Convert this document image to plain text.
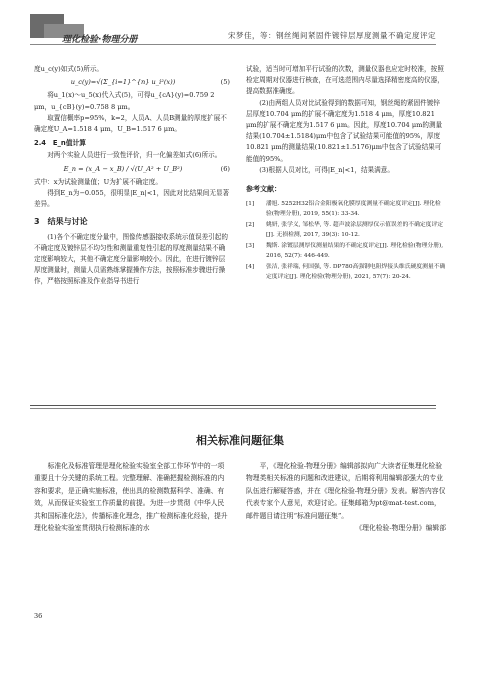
理化检验·物理分册	宋梦佳，等：钢丝绳间紧固件镀锌层厚度测量不确定度评定

度u_c(y)如式(5)所示。

u_c(y)=√(Σ_{i=1}^{n} u_i²(x))	(5)

将u_1(x)～u_5(x)代入式(5)，可得u_{cA}(y)=0.759 2 μm，u_{cB}(y)=0.758 8 μm。

取置信概率p=95%，k=2，人员A、人员B测量的厚度扩展不确定度U_A=1.518 4 μm，U_B=1.517 6 μm。

2.4　E_n值计算

对两个实验人员进行一致性评价，归一化偏差如式(6)所示。

E_n = (x_A − x_B) / √(U_A² + U_B²)	(6)

式中：x为试验测量值；U为扩展不确定度。

得到E_n为−0.055，很明显|E_n|<1，因此对比结果间无显著差异。

3　结果与讨论

(1)各个不确定度分量中，图像传感器接收系统示值误差引起的不确定度及镀锌层不均匀性和测量重复性引起的厚度测量结果不确定度影响较大，其他不确定度分量影响较小。因此，在进行镀锌层厚度测量时，测量人员需熟练掌握操作方法，按照标准步骤进行操作，严格按照标准及作业指导书进行

试验，适当时可增加平行试验的次数，测量仪器也应定时校准，按照检定周期对仪器进行核查，在可选范围内尽量选择精密度高的仪器，提高数据准确度。

(2)由两组人员对比试验得到的数据可知，钢丝绳的紧固件镀锌层厚度10.704 μm的扩展不确定度为1.518 4 μm，厚度10.821 μm的扩展不确定度为1.517 6 μm。因此，厚度10.704 μm的测量结果(10.704±1.5184)μm中包含了试验结果可能值的95%，厚度10.821 μm的测量结果(10.821±1.5176)μm中包含了试验结果可能值的95%。

(3)根据人员对比，可得|E_n|<1，结果满意。

参考文献：
[1]	潘旭. 5252H32铝合金阳极氧化膜厚度测量不确定度评定[J]. 理化检验(物理分册), 2019, 55(1): 33-34.
[2]	姚妍, 张学义, 邹松华, 等. 超声波涂层测厚仪示值误差的不确定度评定[J]. 无损检测, 2017, 39(3): 10-12.
[3]	魏斯. 涂镀层测厚仪测量结果的不确定度评定[J]. 理化检验(物理分册), 2016, 52(7): 446-449.
[4]	张洁, 张祥瑞, 何国强, 等. DP780高强钢电阻焊接头维氏硬度测量不确定度评定[J]. 理化检验(物理分册), 2021, 57(7): 20-24.
相关标准问题征集

标准化及标准管理是理化检验实验室全部工作环节中的一项重要且十分关键的系统工程。完整理解、准确把握检测标准的内容和要求，是正确实施标准，使出具的检测数据科学、准确、有效，从而保证实验室工作质量的前提。为进一步贯彻《中华人民共和国标准化法》，传播标准化理念，推广检测标准化经验，提升理化检验实验室贯彻执行检测标准的水

平，《理化检验-物理分册》编辑部拟向广大读者征集理化检验物理类相关标准的问题和改进建议，后期将利用编辑部强大的专业队伍进行解疑答惑，并在《理化检验-物理分册》发表。解答内容仅代表专家个人意见，欢迎讨论。征集邮箱为pt@mat-test.com，邮件题目请注明“标准问题征集”。

《理化检验-物理分册》编辑部
36
